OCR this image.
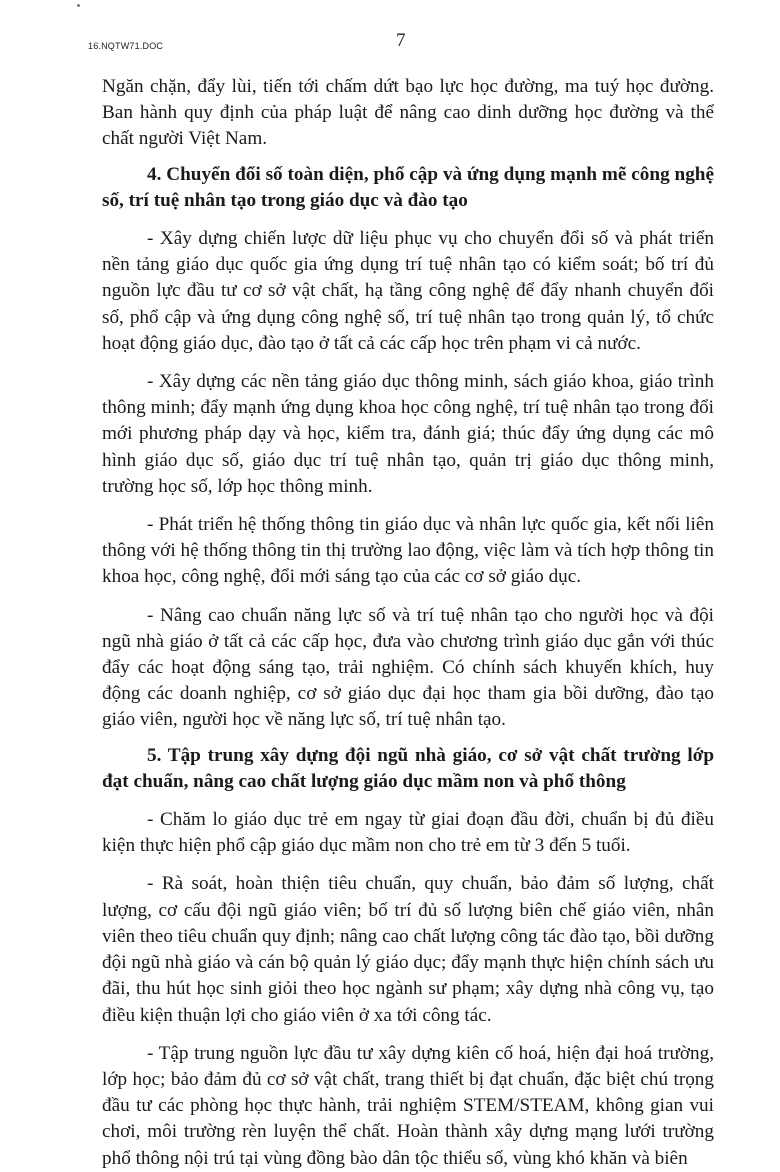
16.NQTW71.DOC	7

Ngăn chặn, đẩy lùi, tiến tới chấm dứt bạo lực học đường, ma tuý học đường. Ban hành quy định của pháp luật để nâng cao dinh dưỡng học đường và thể chất người Việt Nam.

4. Chuyển đổi số toàn diện, phổ cập và ứng dụng mạnh mẽ công nghệ số, trí tuệ nhân tạo trong giáo dục và đào tạo

- Xây dựng chiến lược dữ liệu phục vụ cho chuyển đổi số và phát triển nền tảng giáo dục quốc gia ứng dụng trí tuệ nhân tạo có kiểm soát; bố trí đủ nguồn lực đầu tư cơ sở vật chất, hạ tầng công nghệ để đẩy nhanh chuyển đổi số, phổ cập và ứng dụng công nghệ số, trí tuệ nhân tạo trong quản lý, tổ chức hoạt động giáo dục, đào tạo ở tất cả các cấp học trên phạm vi cả nước.

- Xây dựng các nền tảng giáo dục thông minh, sách giáo khoa, giáo trình thông minh; đẩy mạnh ứng dụng khoa học công nghệ, trí tuệ nhân tạo trong đổi mới phương pháp dạy và học, kiểm tra, đánh giá; thúc đẩy ứng dụng các mô hình giáo dục số, giáo dục trí tuệ nhân tạo, quản trị giáo dục thông minh, trường học số, lớp học thông minh.

- Phát triển hệ thống thông tin giáo dục và nhân lực quốc gia, kết nối liên thông với hệ thống thông tin thị trường lao động, việc làm và tích hợp thông tin khoa học, công nghệ, đổi mới sáng tạo của các cơ sở giáo dục.

- Nâng cao chuẩn năng lực số và trí tuệ nhân tạo cho người học và đội ngũ nhà giáo ở tất cả các cấp học, đưa vào chương trình giáo dục gắn với thúc đẩy các hoạt động sáng tạo, trải nghiệm. Có chính sách khuyến khích, huy động các doanh nghiệp, cơ sở giáo dục đại học tham gia bồi dưỡng, đào tạo giáo viên, người học về năng lực số, trí tuệ nhân tạo.

5. Tập trung xây dựng đội ngũ nhà giáo, cơ sở vật chất trường lớp đạt chuẩn, nâng cao chất lượng giáo dục mầm non và phổ thông

- Chăm lo giáo dục trẻ em ngay từ giai đoạn đầu đời, chuẩn bị đủ điều kiện thực hiện phổ cập giáo dục mầm non cho trẻ em từ 3 đến 5 tuổi.

- Rà soát, hoàn thiện tiêu chuẩn, quy chuẩn, bảo đảm số lượng, chất lượng, cơ cấu đội ngũ giáo viên; bố trí đủ số lượng biên chế giáo viên, nhân viên theo tiêu chuẩn quy định; nâng cao chất lượng công tác đào tạo, bồi dưỡng đội ngũ nhà giáo và cán bộ quản lý giáo dục; đẩy mạnh thực hiện chính sách ưu đãi, thu hút học sinh giỏi theo học ngành sư phạm; xây dựng nhà công vụ, tạo điều kiện thuận lợi cho giáo viên ở xa tới công tác.

- Tập trung nguồn lực đầu tư xây dựng kiên cố hoá, hiện đại hoá trường, lớp học; bảo đảm đủ cơ sở vật chất, trang thiết bị đạt chuẩn, đặc biệt chú trọng đầu tư các phòng học thực hành, trải nghiệm STEM/STEAM, không gian vui chơi, môi trường rèn luyện thể chất. Hoàn thành xây dựng mạng lưới trường phổ thông nội trú tại vùng đồng bào dân tộc thiểu số, vùng khó khăn và biên
